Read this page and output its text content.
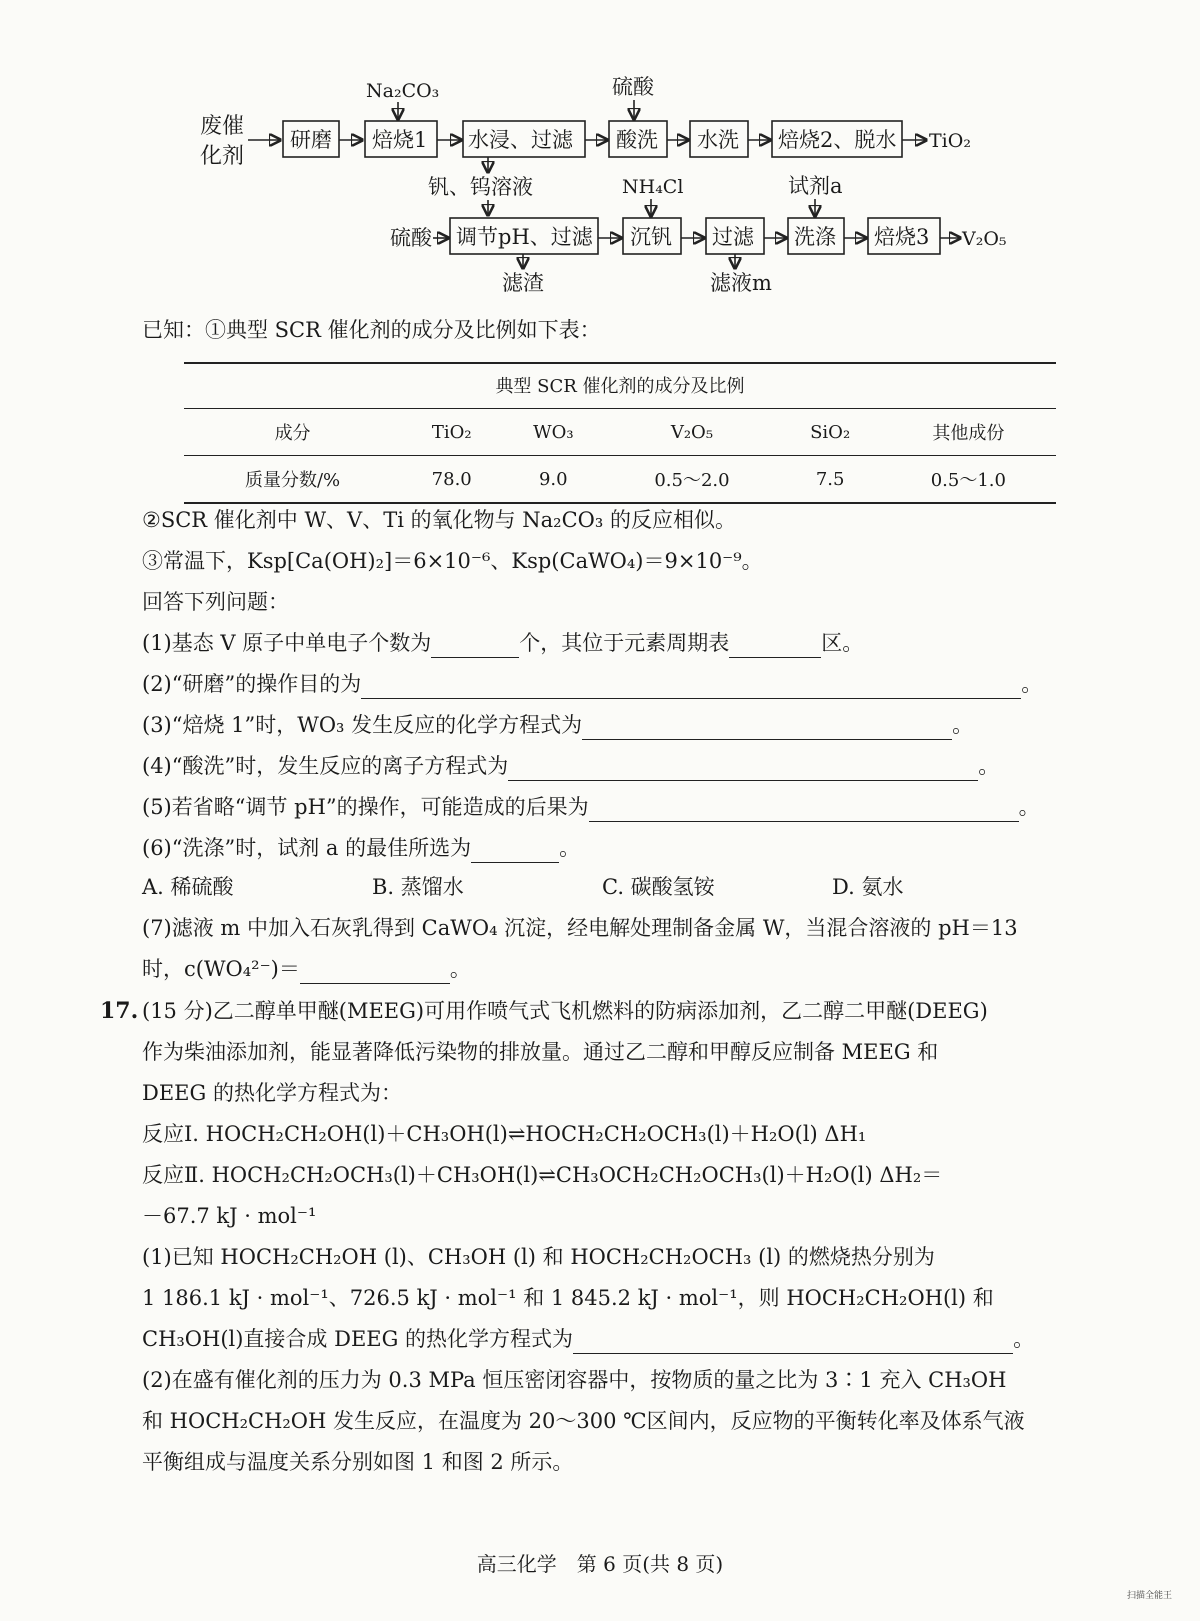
废催
化剂
研磨
Na₂CO₃
焙烧1 水浸、过滤
硫酸
酸洗 水洗 焙烧2、脱水 TiO₂
钒、钨溶液
硫酸 调节pH、过滤
滤渣
NH₄Cl
沉钒 过滤
滤液m
试剂a
洗涤 焙烧3 V₂O₅
已知：①典型 SCR 催化剂的成分及比例如下表：
典型 SCR 催化剂的成分及比例
成分	TiO₂	WO₃	V₂O₅	SiO₂	其他成份
质量分数/%	78.0	9.0	0.5～2.0	7.5	0.5～1.0
②SCR 催化剂中 W、V、Ti 的氧化物与 Na₂CO₃ 的反应相似。
③常温下，Ksp[Ca(OH)₂]＝6×10⁻⁶、Ksp(CaWO₄)＝9×10⁻⁹。
回答下列问题：
(1)基态 V 原子中单电子个数为	个，其位于元素周期表	区。
(2)“研磨”的操作目的为	。
(3)“焙烧 1”时，WO₃ 发生反应的化学方程式为	。
(4)“酸洗”时，发生反应的离子方程式为	。
(5)若省略“调节 pH”的操作，可能造成的后果为	。
(6)“洗涤”时，试剂 a 的最佳所选为	。
A. 稀硫酸	B. 蒸馏水	C. 碳酸氢铵	D. 氨水
(7)滤液 m 中加入石灰乳得到 CaWO₄ 沉淀，经电解处理制备金属 W，当混合溶液的 pH＝13
时，c(WO₄²⁻)＝	。
17. (15 分)乙二醇单甲醚(MEEG)可用作喷气式飞机燃料的防病添加剂，乙二醇二甲醚(DEEG)
作为柴油添加剂，能显著降低污染物的排放量。通过乙二醇和甲醇反应制备 MEEG 和
DEEG 的热化学方程式为：
反应Ⅰ. HOCH₂CH₂OH(l)＋CH₃OH(l)⇌HOCH₂CH₂OCH₃(l)＋H₂O(l) ΔH₁
反应Ⅱ. HOCH₂CH₂OCH₃(l)＋CH₃OH(l)⇌CH₃OCH₂CH₂OCH₃(l)＋H₂O(l) ΔH₂＝
－67.7 kJ · mol⁻¹
(1)已知 HOCH₂CH₂OH (l)、CH₃OH (l) 和 HOCH₂CH₂OCH₃ (l) 的燃烧热分别为
1 186.1 kJ · mol⁻¹、726.5 kJ · mol⁻¹ 和 1 845.2 kJ · mol⁻¹，则 HOCH₂CH₂OH(l) 和
CH₃OH(l)直接合成 DEEG 的热化学方程式为	。
(2)在盛有催化剂的压力为 0.3 MPa 恒压密闭容器中，按物质的量之比为 3∶1 充入 CH₃OH
和 HOCH₂CH₂OH 发生反应，在温度为 20～300 ℃区间内，反应物的平衡转化率及体系气液
平衡组成与温度关系分别如图 1 和图 2 所示。
高三化学　第 6 页(共 8 页)
扫描全能王
